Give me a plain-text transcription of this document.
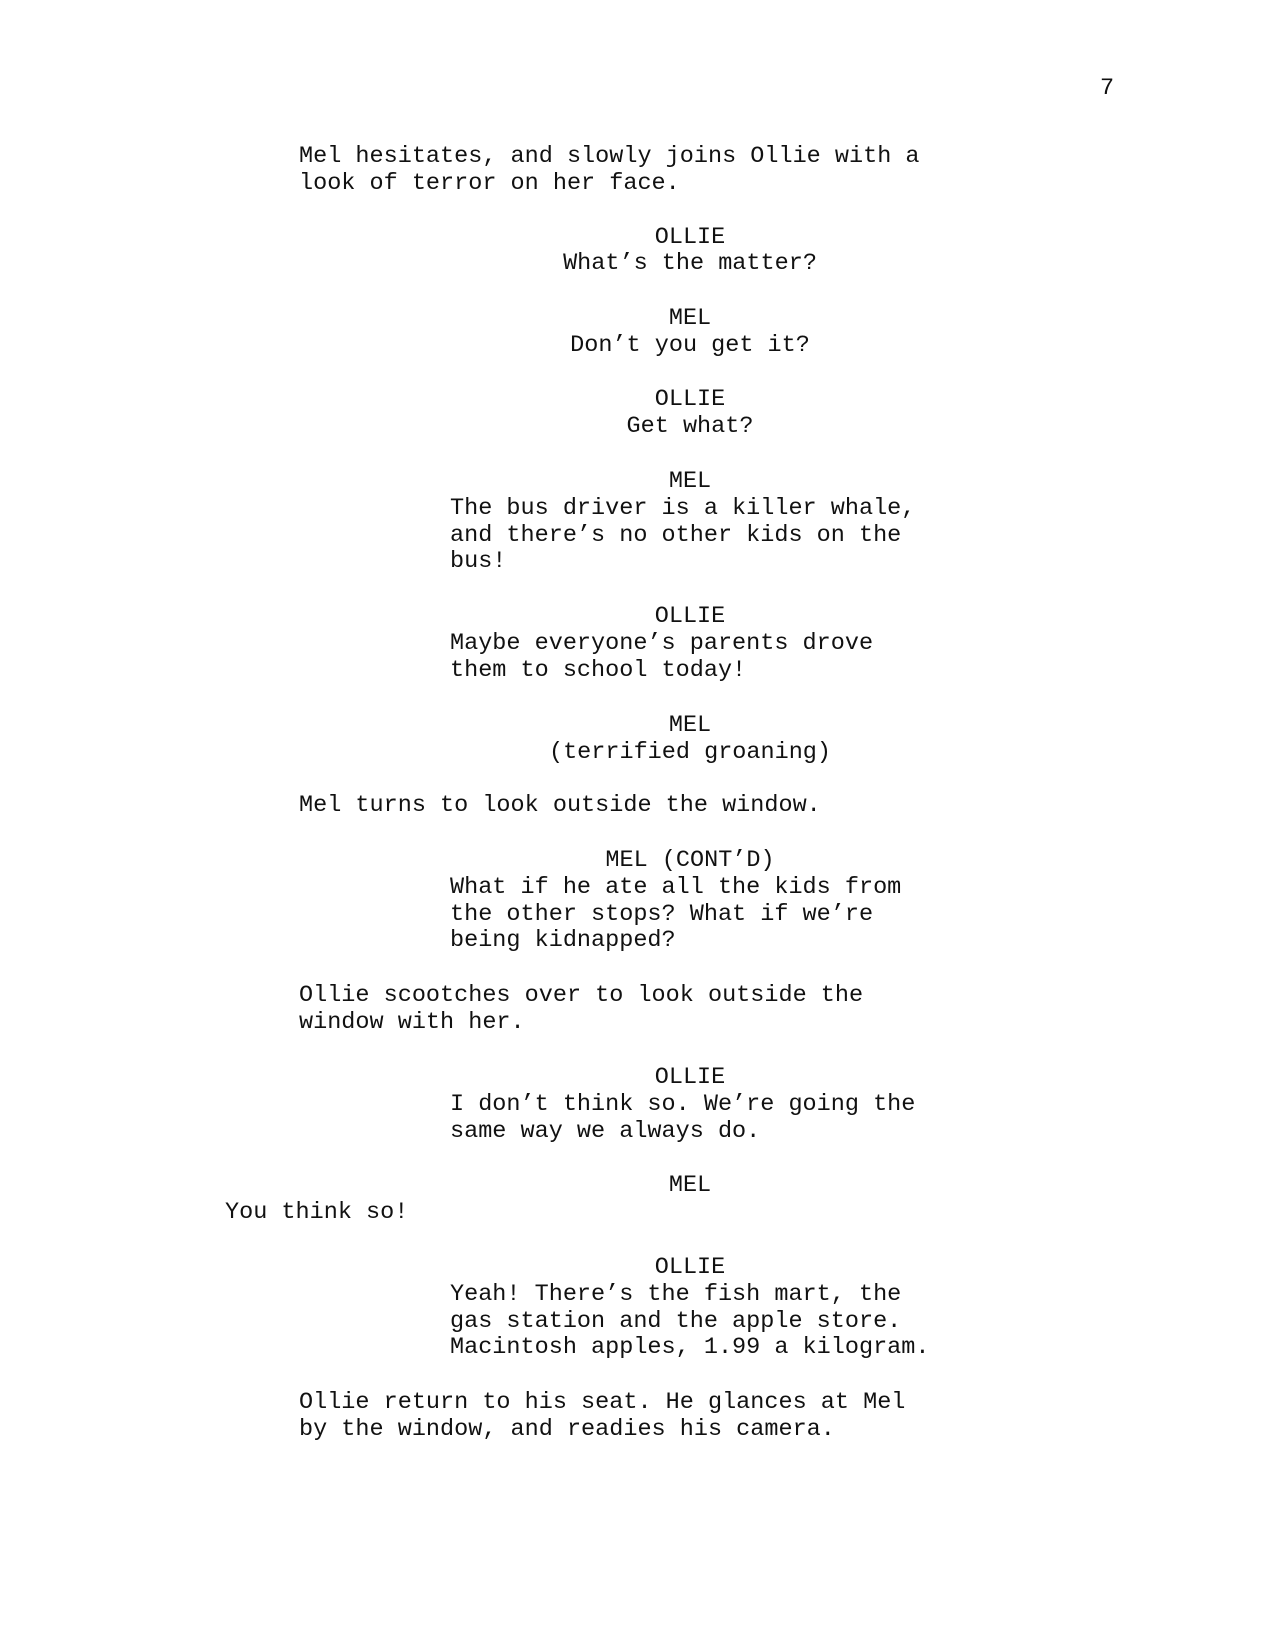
7

Mel hesitates, and slowly joins Ollie with a
look of terror on her face.

OLLIE

What’s the matter?

MEL

Don’t you get it?

OLLIE

Get what?

MEL

The bus driver is a killer whale,
and there’s no other kids on the
bus!

OLLIE

Maybe everyone’s parents drove
them to school today!

MEL

(terrified groaning)

Mel turns to look outside the window.

MEL (CONT’D)

What if he ate all the kids from
the other stops? What if we’re
being kidnapped?

Ollie scootches over to look outside the
window with her.

OLLIE

I don’t think so. We’re going the
same way we always do.

MEL

You think so!

OLLIE

Yeah! There’s the fish mart, the
gas station and the apple store.
Macintosh apples, 1.99 a kilogram.

Ollie return to his seat. He glances at Mel
by the window, and readies his camera.
